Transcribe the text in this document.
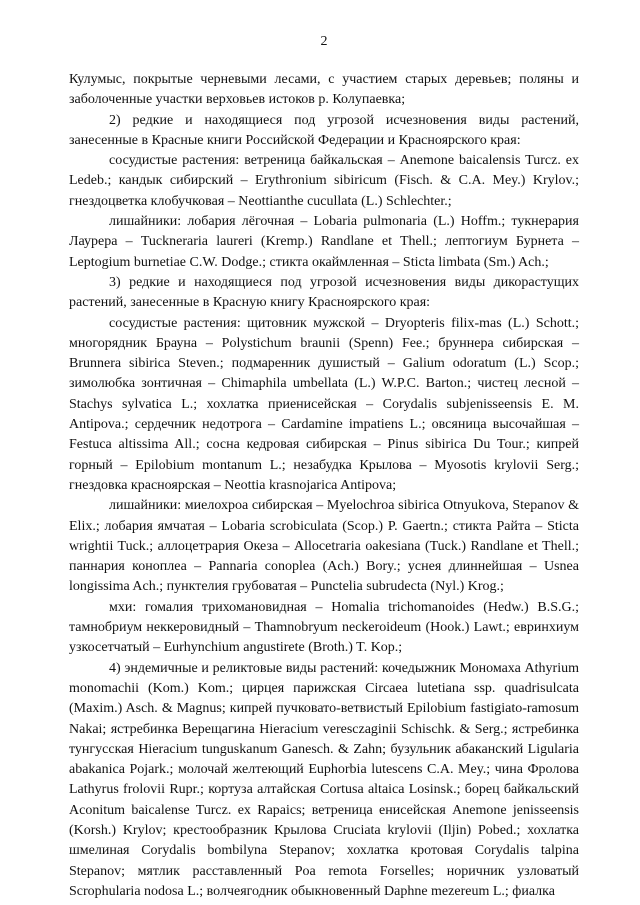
2

Кулумыс, покрытые черневыми лесами, с участием старых деревьев; поляны и заболоченные участки верховьев истоков р. Колупаевка;

2) редкие и находящиеся под угрозой исчезновения виды растений, занесенные в Красные книги Российской Федерации и Красноярского края:

сосудистые растения: ветреница байкальская – Anemone baicalensis Turcz. ex Ledeb.; кандык сибирский – Erythronium sibiricum (Fisch. & C.A. Mey.) Krylov.; гнездоцветка клобучковая – Neottianthe cucullata (L.) Schlechter.;

лишайники: лобария лёгочная – Lobaria pulmonaria (L.) Hoffm.; тукнерария Лаурера – Tuckneraria laureri (Kremp.) Randlane et Thell.; лептогиум Бурнета – Leptogium burnetiae C.W. Dodge.; стикта окаймленная – Sticta limbata (Sm.) Ach.;

3) редкие и находящиеся под угрозой исчезновения виды дикорастущих растений, занесенные в Красную книгу Красноярского края:

сосудистые растения: щитовник мужской – Dryopteris filix-mas (L.) Schott.; многорядник Брауна – Polystichum braunii (Spenn) Fee.; бруннера сибирская – Brunnera sibirica Steven.; подмаренник душистый – Galium odoratum (L.) Scop.; зимолюбка зонтичная – Chimaphila umbellata (L.) W.P.C. Barton.; чистец лесной – Stachys sylvatica L.; хохлатка приенисейская – Corydalis subjenisseensis E. M. Antipova.; сердечник недотрога – Cardamine impatiens L.; овсяница высочайшая – Festuca altissima All.; сосна кедровая сибирская – Pinus sibirica Du Tour.; кипрей горный – Epilobium montanum L.; незабудка Крылова – Myosotis krylovii Serg.; гнездовка красноярская – Neottia krasnojarica Antipova;

лишайники: миелохроа сибирская – Myelochroa sibirica Otnyukova, Stepanov & Elix.; лобария ямчатая – Lobaria scrobiculata (Scop.) P. Gaertn.; стикта Райта – Sticta wrightii Tuck.; аллоцетрария Океза – Allocetraria oakesiana (Tuck.) Randlane et Thell.; паннария коноплеа – Pannaria conoplea (Ach.) Bory.; уснея длиннейшая – Usnea longissima Ach.; пунктелия грубоватая – Punctelia subrudecta (Nyl.) Krog.;

мхи: гомалия трихомановидная – Homalia trichomanoides (Hedw.) B.S.G.; тамнобриум неккеровидный – Thamnobryum neckeroideum (Hook.) Lawt.; евринхиум узкосетчатый – Eurhynchium angustirete (Broth.) T. Kop.;

4) эндемичные и реликтовые виды растений: кочедыжник Мономаха Athyrium monomachii (Kom.) Kom.; цирцея парижская Circaea lutetiana ssp. quadrisulcata (Maxim.) Asch. & Magnus; кипрей пучковато-ветвистый Epilobium fastigiato-ramosum Nakai; ястребинка Верещагина Hieracium veresczaginii Schischk. & Serg.; ястребинка тунгусская Hieracium tunguskanum Ganesch. & Zahn; бузульник абаканский Ligularia abakanica Pojark.; молочай желтеющий Euphorbia lutescens C.A. Mey.; чина Фролова Lathyrus frolovii Rupr.; кортуза алтайская Cortusa altaica Losinsk.; борец байкальский Aconitum baicalense Turcz. ex Rapaics; ветреница енисейская Anemone jenisseensis (Korsh.) Krylov; крестообразник Крылова Cruciata krylovii (Iljin) Pobed.; хохлатка шмелиная Corydalis bombilyna Stepanov; хохлатка кротовая Corydalis talpina Stepanov; мятлик расставленный Poa remota Forselles; норичник узловатый Scrophularia nodosa L.; волчеягодник обыкновенный Daphne mezereum L.; фиалка
